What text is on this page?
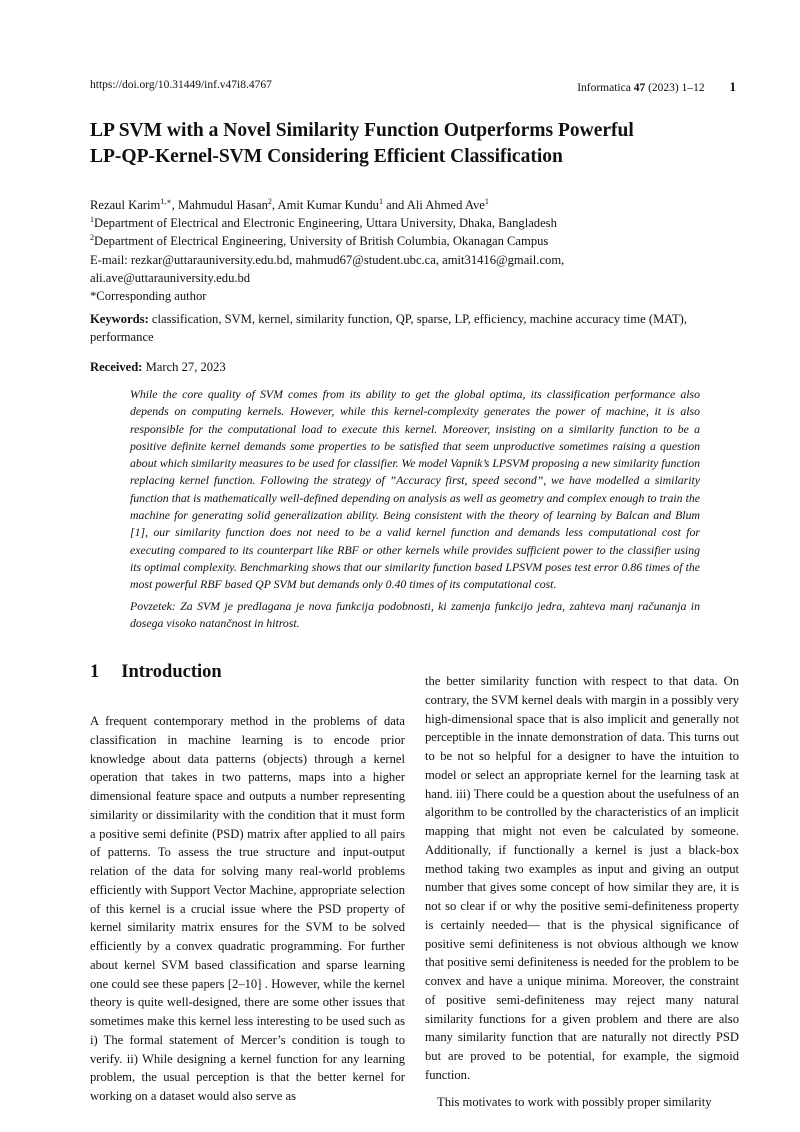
https://doi.org/10.31449/inf.v47i8.4767	Informatica 47 (2023) 1–12 1
LP SVM with a Novel Similarity Function Outperforms Powerful
LP-QP-Kernel-SVM Considering Efficient Classification
Rezaul Karim$^{1,∗}$, Mahmudul Hasan$^2$, Amit Kumar Kundu$^1$ and Ali Ahmed Ave$^1$
$^1$Department of Electrical and Electronic Engineering, Uttara University, Dhaka, Bangladesh
$^2$Department of Electrical Engineering, University of British Columbia, Okanagan Campus
E-mail: rezkar@uttarauniversity.edu.bd, mahmud67@student.ubc.ca, amit31416@gmail.com,
ali.ave@uttarauniversity.edu.bd
*Corresponding author
Keywords: classification, SVM, kernel, similarity function, QP, sparse, LP, efficiency, machine accuracy time (MAT), performance
Received: March 27, 2023

While the core quality of SVM comes from its ability to get the global optima, its classification performance also depends on computing kernels. However, while this kernel-complexity generates the power of machine, it is also responsible for the computational load to execute this kernel. Moreover, insisting on a similarity function to be a positive definite kernel demands some properties to be satisfied that seem unproductive sometimes raising a question about which similarity measures to be used for classifier. We model Vapnik’s LPSVM proposing a new similarity function replacing kernel function. Following the strategy of ”Accuracy first, speed second”, we have modelled a similarity function that is mathematically well-defined depending on analysis as well as geometry and complex enough to train the machine for generating solid generalization ability. Being consistent with the theory of learning by Balcan and Blum [1], our similarity function does not need to be a valid kernel function and demands less computational cost for executing compared to its counterpart like RBF or other kernels while provides sufficient power to the classifier using its optimal complexity. Benchmarking shows that our similarity function based LPSVM poses test error 0.86 times of the most powerful RBF based QP SVM but demands only 0.40 times of its computational cost.

Povzetek: Za SVM je predlagana je nova funkcija podobnosti, ki zamenja funkcijo jedra, zahteva manj računanja in dosega visoko natančnost in hitrost.

1 Introduction

A frequent contemporary method in the problems of data classification in machine learning is to encode prior knowledge about data patterns (objects) through a kernel operation that takes in two patterns, maps into a higher dimensional feature space and outputs a number representing similarity or dissimilarity with the condition that it must form a positive semi definite (PSD) matrix after applied to all pairs of patterns. To assess the true structure and input-output relation of the data for solving many real-world problems efficiently with Support Vector Machine, appropriate selection of this kernel is a crucial issue where the PSD property of kernel similarity matrix ensures for the SVM to be solved efficiently by a convex quadratic programming. For further about kernel SVM based classification and sparse learning one could see these papers [2–10] . However, while the kernel theory is quite well-designed, there are some other issues that sometimes make this kernel less interesting to be used such as i) The formal statement of Mercer’s condition is tough to verify. ii) While designing a kernel function for any learning problem, the usual perception is that the better kernel for working on a dataset would also serve as

the better similarity function with respect to that data. On contrary, the SVM kernel deals with margin in a possibly very high-dimensional space that is also implicit and generally not perceptible in the innate demonstration of data. This turns out to be not so helpful for a designer to have the intuition to model or select an appropriate kernel for the learning task at hand. iii) There could be a question about the usefulness of an algorithm to be controlled by the characteristics of an implicit mapping that might not even be calculated by someone. Additionally, if functionally a kernel is just a black-box method taking two examples as input and giving an output number that gives some concept of how similar they are, it is not so clear if or why the positive semi-definiteness property is certainly needed— that is the physical significance of positive semi definiteness is not obvious although we know that positive semi definiteness is needed for the problem to be convex and have a unique minima. Moreover, the constraint of positive semi-definiteness may reject many natural similarity functions for a given problem and there are also many similarity function that are naturally not directly PSD but are proved to be potential, for example, the sigmoid function.

This motivates to work with possibly proper similarity
